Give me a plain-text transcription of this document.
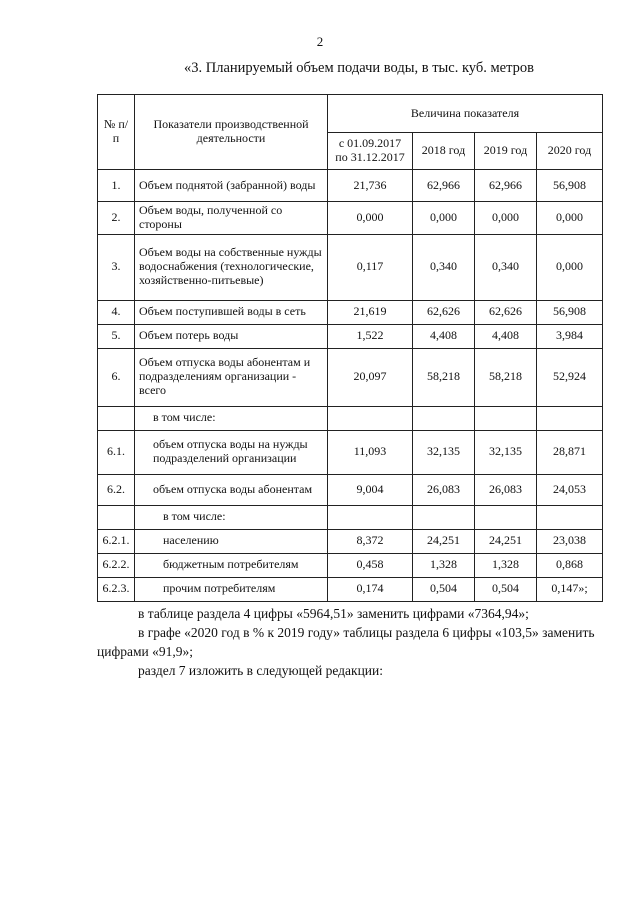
2
«3. Планируемый объем подачи воды, в тыс. куб. метров
№ п/п	Показатели производственной деятельности	Величина показателя			
		с 01.09.2017 по 31.12.2017	2018 год	2019 год	2020 год
1.	Объем поднятой (забранной) воды	21,736	62,966	62,966	56,908
2.	Объем воды, полученной со стороны	0,000	0,000	0,000	0,000
3.	Объем воды на собственные нужды водоснабжения (технологические, хозяйственно-питьевые)	0,117	0,340	0,340	0,000
4.	Объем поступившей воды в сеть	21,619	62,626	62,626	56,908
5.	Объем потерь воды	1,522	4,408	4,408	3,984
6.	Объем отпуска воды абонентам и подразделениям организации - всего	20,097	58,218	58,218	52,924
	в том числе:				
6.1.	объем отпуска воды на нужды подразделений организации	11,093	32,135	32,135	28,871
6.2.	объем отпуска воды абонентам	9,004	26,083	26,083	24,053
	в том числе:				
6.2.1.	населению	8,372	24,251	24,251	23,038
6.2.2.	бюджетным потребителям	0,458	1,328	1,328	0,868
6.2.3.	прочим потребителям	0,174	0,504	0,504	0,147»;
в таблице раздела 4 цифры «5964,51» заменить цифрами «7364,94»;
в графе «2020 год в % к 2019 году» таблицы раздела 6 цифры «103,5» заменить цифрами «91,9»;
раздел 7 изложить в следующей редакции:
